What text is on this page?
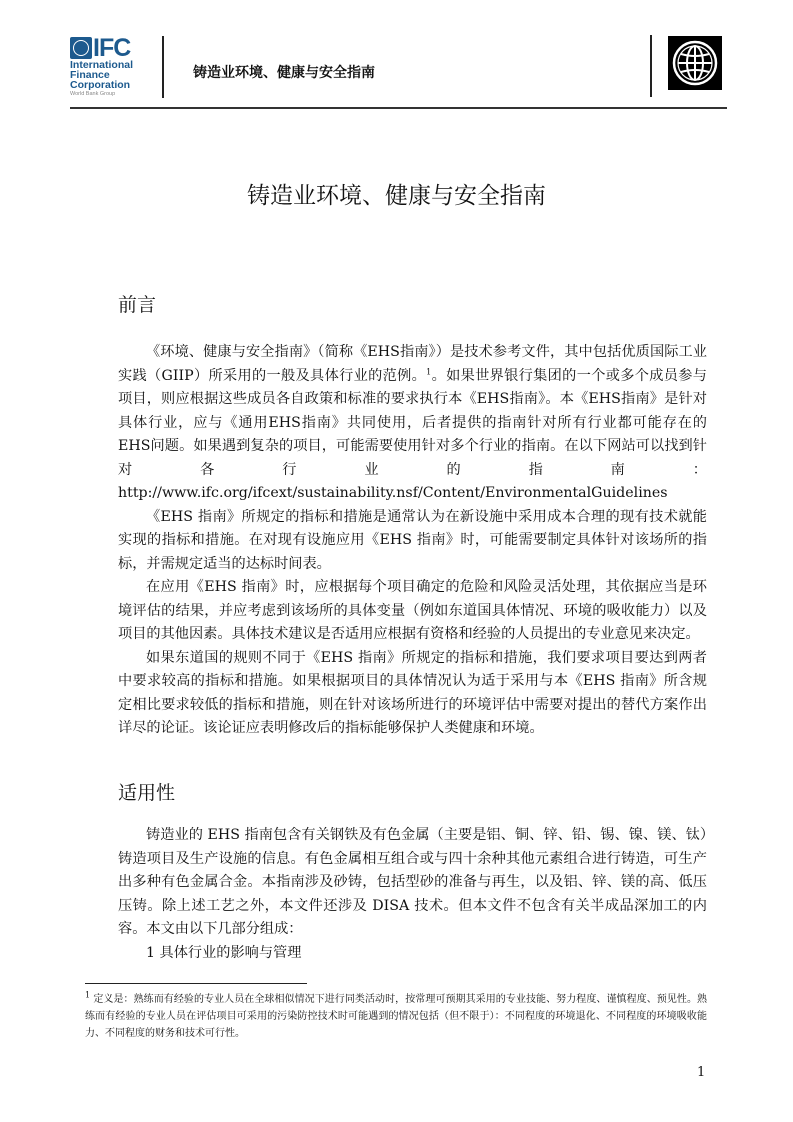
IFC
International
Finance
Corporation
World Bank Group
铸造业环境、健康与安全指南
铸造业环境、健康与安全指南
前言

《环境、健康与安全指南》（简称《EHS指南》）是技术参考文件，其中包括优质国际工业实践（GIIP）所采用的一般及具体行业的范例。$^1$。如果世界银行集团的一个或多个成员参与项目，则应根据这些成员各自政策和标准的要求执行本《EHS指南》。本《EHS指南》是针对具体行业，应与《通用EHS指南》共同使用，后者提供的指南针对所有行业都可能存在的EHS问题。如果遇到复杂的项目，可能需要使用针对多个行业的指南。在以下网站可以找到针对各行业的指南：http://www.ifc.org/ifcext/sustainability.nsf/Content/EnvironmentalGuidelines

《EHS 指南》所规定的指标和措施是通常认为在新设施中采用成本合理的现有技术就能实现的指标和措施。在对现有设施应用《EHS 指南》时，可能需要制定具体针对该场所的指标，并需规定适当的达标时间表。

在应用《EHS 指南》时，应根据每个项目确定的危险和风险灵活处理，其依据应当是环境评估的结果，并应考虑到该场所的具体变量（例如东道国具体情况、环境的吸收能力）以及项目的其他因素。具体技术建议是否适用应根据有资格和经验的人员提出的专业意见来决定。

如果东道国的规则不同于《EHS 指南》所规定的指标和措施，我们要求项目要达到两者中要求较高的指标和措施。如果根据项目的具体情况认为适于采用与本《EHS 指南》所含规定相比要求较低的指标和措施，则在针对该场所进行的环境评估中需要对提出的替代方案作出详尽的论证。该论证应表明修改后的指标能够保护人类健康和环境。

适用性

铸造业的 EHS 指南包含有关钢铁及有色金属（主要是铝、铜、锌、铅、锡、镍、镁、钛）铸造项目及生产设施的信息。有色金属相互组合或与四十余种其他元素组合进行铸造，可生产出多种有色金属合金。本指南涉及砂铸，包括型砂的准备与再生，以及铝、锌、镁的高、低压压铸。除上述工艺之外，本文件还涉及 DISA 技术。但本文件不包含有关半成品深加工的内容。本文由以下几部分组成：

1 具体行业的影响与管理

$^1$ 定义是：熟练而有经验的专业人员在全球相似情况下进行同类活动时，按常理可预期其采用的专业技能、努力程度、谨慎程度、预见性。熟练而有经验的专业人员在评估项目可采用的污染防控技术时可能遇到的情况包括（但不限于）：不同程度的环境退化、不同程度的环境吸收能力、不同程度的财务和技术可行性。
1
